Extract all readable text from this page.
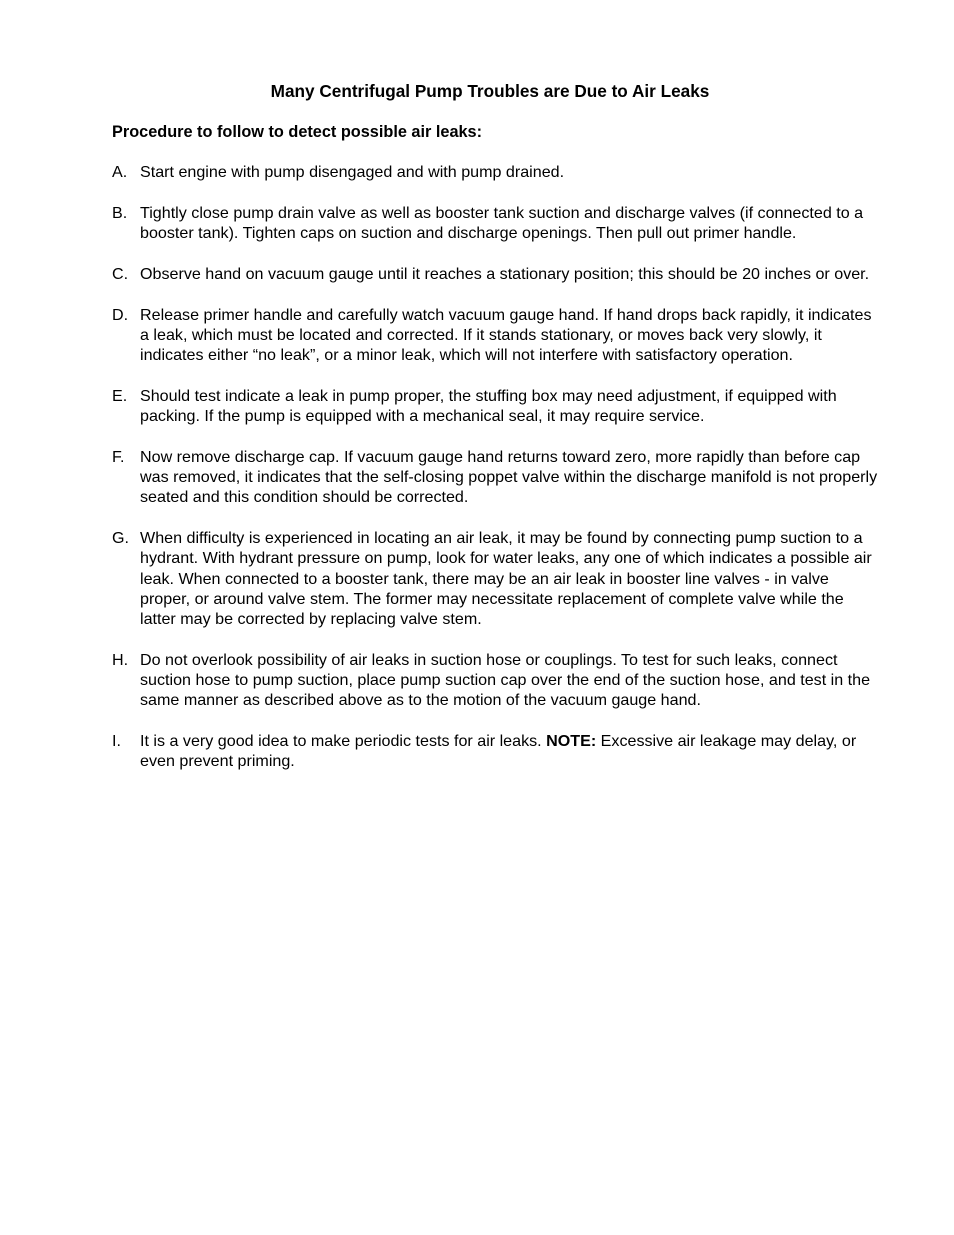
Many Centrifugal Pump Troubles are Due to Air Leaks
Procedure to follow to detect possible air leaks:
A. Start engine with pump disengaged and with pump drained.
B. Tightly close pump drain valve as well as booster tank suction and discharge valves (if connected to a booster tank). Tighten caps on suction and discharge openings. Then pull out primer handle.
C. Observe hand on vacuum gauge until it reaches a stationary position; this should be 20 inches or over.
D. Release primer handle and carefully watch vacuum gauge hand. If hand drops back rapidly, it indicates a leak, which must be located and corrected. If it stands stationary, or moves back very slowly, it indicates either “no leak”, or a minor leak, which will not interfere with satisfactory operation.
E. Should test indicate a leak in pump proper, the stuffing box may need adjustment, if equipped with packing. If the pump is equipped with a mechanical seal, it may require service.
F. Now remove discharge cap. If vacuum gauge hand returns toward zero, more rapidly than before cap was removed, it indicates that the self-closing poppet valve within the discharge manifold is not properly seated and this condition should be corrected.
G. When difficulty is experienced in locating an air leak, it may be found by connecting pump suction to a hydrant. With hydrant pressure on pump, look for water leaks, any one of which indicates a possible air leak. When connected to a booster tank, there may be an air leak in booster line valves - in valve proper, or around valve stem. The former may necessitate replacement of complete valve while the latter may be corrected by replacing valve stem.
H. Do not overlook possibility of air leaks in suction hose or couplings. To test for such leaks, connect suction hose to pump suction, place pump suction cap over the end of the suction hose, and test in the same manner as described above as to the motion of the vacuum gauge hand.
I. It is a very good idea to make periodic tests for air leaks. NOTE: Excessive air leakage may delay, or even prevent priming.
